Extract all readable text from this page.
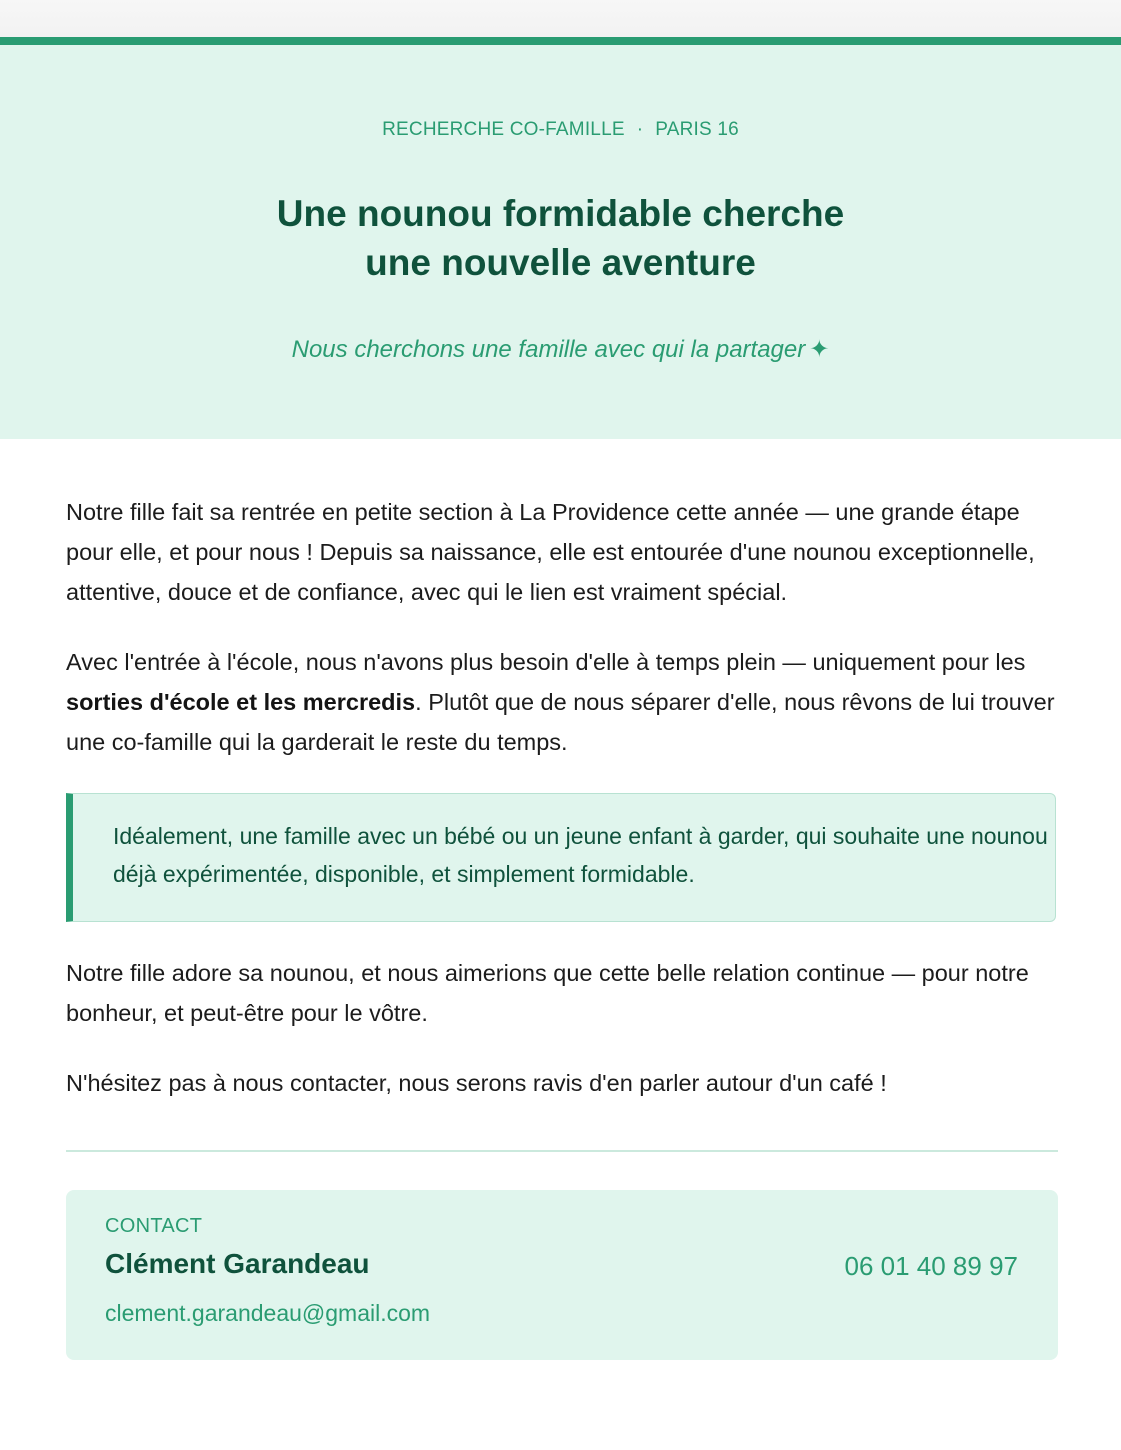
RECHERCHE CO-FAMILLE · PARIS 16
Une nounou formidable cherche
une nouvelle aventure
Nous cherchons une famille avec qui la partager ✦

Notre fille fait sa rentrée en petite section à La Providence cette année — une grande étape pour elle, et pour nous ! Depuis sa naissance, elle est entourée d'une nounou exceptionnelle, attentive, douce et de confiance, avec qui le lien est vraiment spécial.

Avec l'entrée à l'école, nous n'avons plus besoin d'elle à temps plein — uniquement pour les sorties d'école et les mercredis. Plutôt que de nous séparer d'elle, nous rêvons de lui trouver une co-famille qui la garderait le reste du temps.

Idéalement, une famille avec un bébé ou un jeune enfant à garder, qui souhaite une nounou déjà expérimentée, disponible, et simplement formidable.

Notre fille adore sa nounou, et nous aimerions que cette belle relation continue — pour notre bonheur, et peut-être pour le vôtre.

N'hésitez pas à nous contacter, nous serons ravis d'en parler autour d'un café !

CONTACT
Clément Garandeau
clement.garandeau@gmail.com
06 01 40 89 97
